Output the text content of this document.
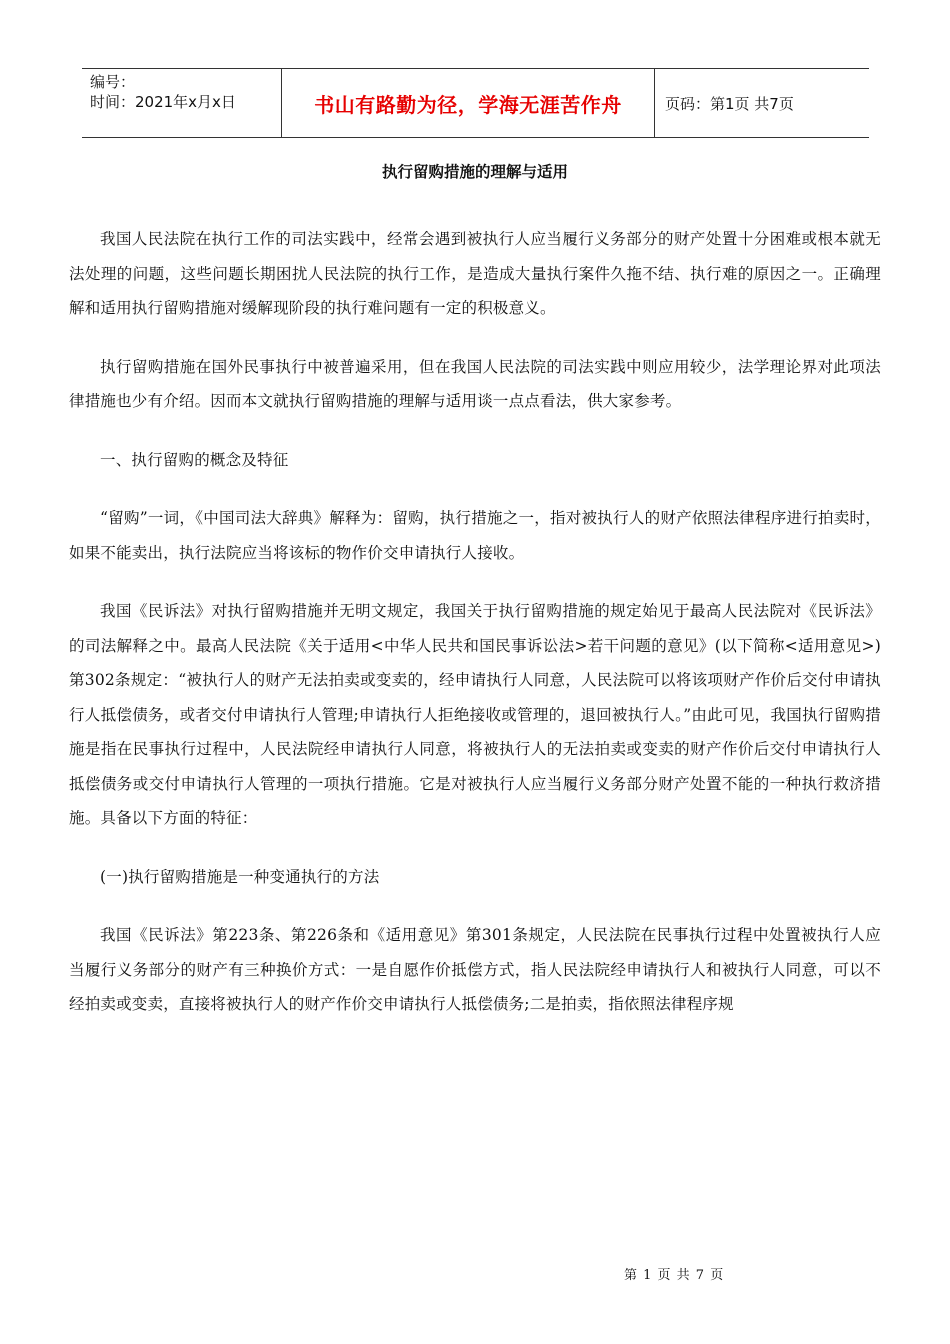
编号：
时间：2021年x月x日	书山有路勤为径，学海无涯苦作舟	页码：第1页 共7页
执行留购措施的理解与适用

我国人民法院在执行工作的司法实践中，经常会遇到被执行人应当履行义务部分的财产处置十分困难或根本就无法处理的问题，这些问题长期困扰人民法院的执行工作，是造成大量执行案件久拖不结、执行难的原因之一。正确理解和适用执行留购措施对缓解现阶段的执行难问题有一定的积极意义。

执行留购措施在国外民事执行中被普遍采用，但在我国人民法院的司法实践中则应用较少，法学理论界对此项法律措施也少有介绍。因而本文就执行留购措施的理解与适用谈一点点看法，供大家参考。

一、执行留购的概念及特征

“留购”一词，《中国司法大辞典》解释为：留购，执行措施之一，指对被执行人的财产依照法律程序进行拍卖时，如果不能卖出，执行法院应当将该标的物作价交申请执行人接收。

我国《民诉法》对执行留购措施并无明文规定，我国关于执行留购措施的规定始见于最高人民法院对《民诉法》的司法解释之中。最高人民法院《关于适用<中华人民共和国民事诉讼法>若干问题的意见》(以下简称<适用意见>)第302条规定：“被执行人的财产无法拍卖或变卖的，经申请执行人同意，人民法院可以将该项财产作价后交付申请执行人抵偿债务，或者交付申请执行人管理;申请执行人拒绝接收或管理的，退回被执行人。”由此可见，我国执行留购措施是指在民事执行过程中，人民法院经申请执行人同意，将被执行人的无法拍卖或变卖的财产作价后交付申请执行人抵偿债务或交付申请执行人管理的一项执行措施。它是对被执行人应当履行义务部分财产处置不能的一种执行救济措施。具备以下方面的特征：

(一)执行留购措施是一种变通执行的方法

我国《民诉法》第223条、第226条和《适用意见》第301条规定，人民法院在民事执行过程中处置被执行人应当履行义务部分的财产有三种换价方式：一是自愿作价抵偿方式，指人民法院经申请执行人和被执行人同意，可以不经拍卖或变卖，直接将被执行人的财产作价交申请执行人抵偿债务;二是拍卖，指依照法律程序规

第 1 页 共 7 页
